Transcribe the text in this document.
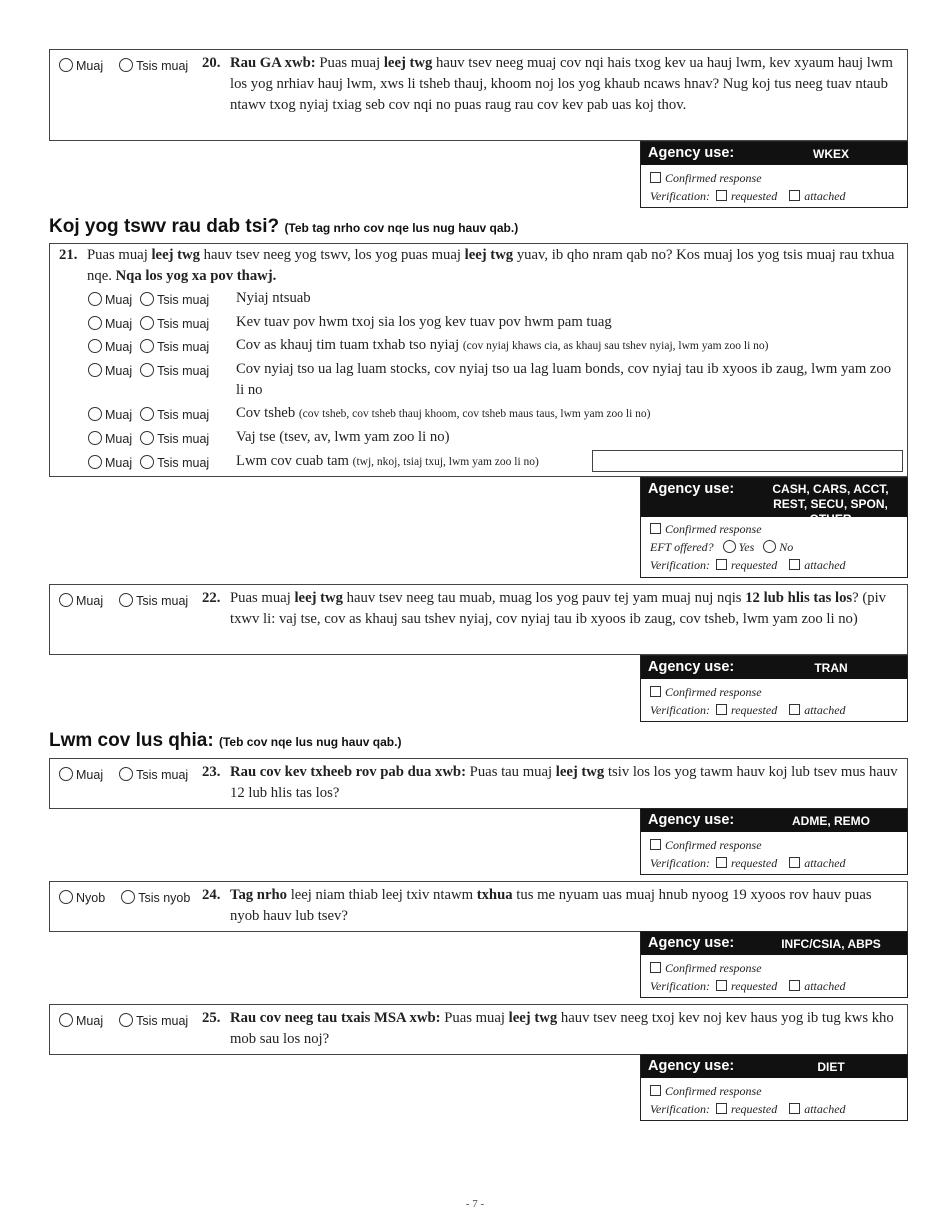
Muaj	Tsis muaj 20. Rau GA xwb: Puas muaj leej twg hauv tsev neeg muaj cov nqi hais txog kev ua hauj lwm, kev xyaum hauj lwm los yog nrhiav hauj lwm, xws li tsheb thauj, khoom noj los yog khaub ncaws hnav? Nug koj tus neeg tuav ntaub ntawv txog nyiaj txiag seb cov nqi no puas raug rau cov kev pab uas koj thov.
Agency use:	WKEX
Confirmed response
Verification: requested attached
Koj yog tswv rau dab tsi? (Teb tag nrho cov nqe lus nug hauv qab.)
21. Puas muaj leej twg hauv tsev neeg yog tswv, los yog puas muaj leej twg yuav, ib qho nram qab no? Kos muaj los yog tsis muaj rau txhua nqe. Nqa los yog xa pov thawj.
Muaj Tsis muaj Nyiaj ntsuab
Muaj Tsis muaj Kev tuav pov hwm txoj sia los yog kev tuav pov hwm pam tuag
Muaj Tsis muaj Cov as khauj tim tuam txhab tso nyiaj (cov nyiaj khaws cia, as khauj sau tshev nyiaj, lwm yam zoo li no)
Muaj Tsis muaj Cov nyiaj tso ua lag luam stocks, cov nyiaj tso ua lag luam bonds, cov nyiaj tau ib xyoos ib zaug, lwm yam zoo li no
Muaj Tsis muaj Cov tsheb (cov tsheb, cov tsheb thauj khoom, cov tsheb maus taus, lwm yam zoo li no)
Muaj Tsis muaj Vaj tse (tsev, av, lwm yam zoo li no)
Muaj Tsis muaj Lwm cov cuab tam (twj, nkoj, tsiaj txuj, lwm yam zoo li no)
Agency use:	CASH, CARS, ACCT, REST, SECU, SPON, OTHER
Confirmed response
EFT offered? Yes No
Verification: requested attached
Muaj	Tsis muaj 22. Puas muaj leej twg hauv tsev neeg tau muab, muag los yog pauv tej yam muaj nuj nqis 12 lub hlis tas los? (piv txwv li: vaj tse, cov as khauj sau tshev nyiaj, cov nyiaj tau ib xyoos ib zaug, cov tsheb, lwm yam zoo li no)
Agency use:	TRAN
Confirmed response
Verification: requested attached
Lwm cov lus qhia: (Teb cov nqe lus nug hauv qab.)
Muaj	Tsis muaj 23. Rau cov kev txheeb rov pab dua xwb: Puas tau muaj leej twg tsiv los los yog tawm hauv koj lub tsev mus hauv 12 lub hlis tas los?
Agency use:	ADME, REMO
Confirmed response
Verification: requested attached
Nyob	Tsis nyob 24. Tag nrho leej niam thiab leej txiv ntawm txhua tus me nyuam uas muaj hnub nyoog 19 xyoos rov hauv puas nyob hauv lub tsev?
Agency use:	INFC/CSIA, ABPS
Confirmed response
Verification: requested attached
Muaj	Tsis muaj 25. Rau cov neeg tau txais MSA xwb: Puas muaj leej twg hauv tsev neeg txoj kev noj kev haus yog ib tug kws kho mob sau los noj?
Agency use:	DIET
Confirmed response
Verification: requested attached
- 7 -
